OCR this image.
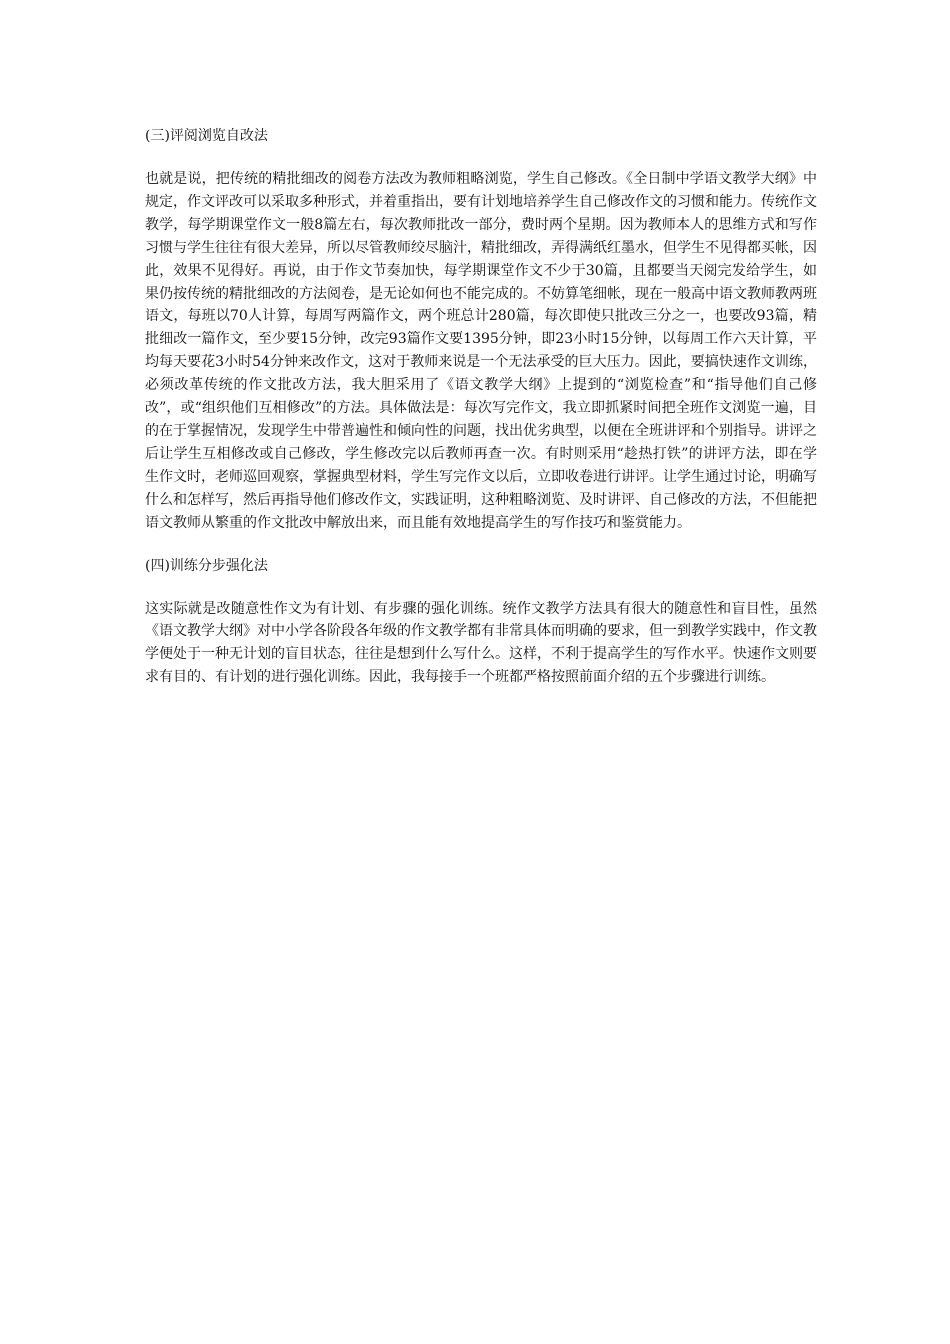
(三)评阅浏览自改法
也就是说，把传统的精批细改的阅卷方法改为教师粗略浏览，学生自己修改。《全日制中学语文教学大纲》中规定，作文评改可以采取多种形式，并着重指出，要有计划地培养学生自己修改作文的习惯和能力。传统作文教学，每学期课堂作文一般8篇左右，每次教师批改一部分，费时两个星期。因为教师本人的思维方式和写作习惯与学生往往有很大差异，所以尽管教师绞尽脑汁，精批细改，弄得满纸红墨水，但学生不见得都买帐，因此，效果不见得好。再说，由于作文节奏加快，每学期课堂作文不少于30篇，且都要当天阅完发给学生，如果仍按传统的精批细改的方法阅卷，是无论如何也不能完成的。不妨算笔细帐，现在一般高中语文教师教两班语文，每班以70人计算，每周写两篇作文，两个班总计280篇，每次即使只批改三分之一，也要改93篇，精批细改一篇作文，至少要15分钟，改完93篇作文要1395分钟，即23小时15分钟，以每周工作六天计算，平均每天要花3小时54分钟来改作文，这对于教师来说是一个无法承受的巨大压力。因此，要搞快速作文训练，必须改革传统的作文批改方法，我大胆采用了《语文教学大纲》上提到的“浏览检查”和“指导他们自己修改”，或“组织他们互相修改”的方法。具体做法是：每次写完作文，我立即抓紧时间把全班作文浏览一遍，目的在于掌握情况，发现学生中带普遍性和倾向性的问题，找出优劣典型，以便在全班讲评和个别指导。讲评之后让学生互相修改或自己修改，学生修改完以后教师再查一次。有时则采用“趁热打铁”的讲评方法，即在学生作文时，老师巡回观察，掌握典型材料，学生写完作文以后，立即收卷进行讲评。让学生通过讨论，明确写什么和怎样写，然后再指导他们修改作文，实践证明，这种粗略浏览、及时讲评、自己修改的方法，不但能把语文教师从繁重的作文批改中解放出来，而且能有效地提高学生的写作技巧和鉴赏能力。
(四)训练分步强化法
这实际就是改随意性作文为有计划、有步骤的强化训练。统作文教学方法具有很大的随意性和盲目性，虽然《语文教学大纲》对中小学各阶段各年级的作文教学都有非常具体而明确的要求，但一到教学实践中，作文教学便处于一种无计划的盲目状态，往往是想到什么写什么。这样，不利于提高学生的写作水平。快速作文则要求有目的、有计划的进行强化训练。因此，我每接手一个班都严格按照前面介绍的五个步骤进行训练。
